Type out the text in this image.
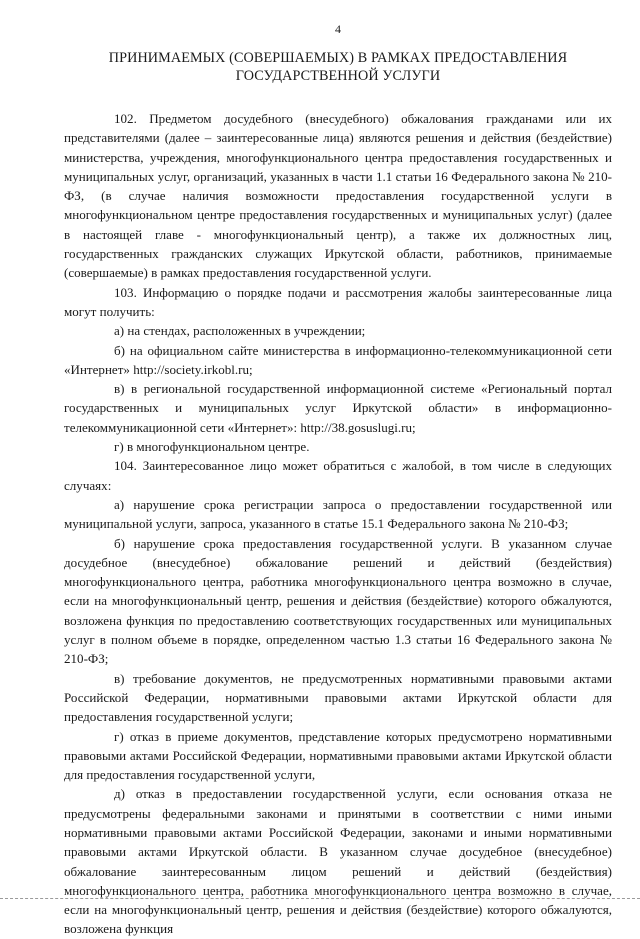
4
ПРИНИМАЕМЫХ (СОВЕРШАЕМЫХ) В РАМКАХ ПРЕДОСТАВЛЕНИЯ
ГОСУДАРСТВЕННОЙ УСЛУГИ

102. Предметом досудебного (внесудебного) обжалования гражданами или их представителями (далее – заинтересованные лица) являются решения и действия (бездействие) министерства, учреждения, многофункционального центра предоставления государственных и муниципальных услуг, организаций, указанных в части 1.1 статьи 16 Федерального закона № 210-ФЗ, (в случае наличия возможности предоставления государственной услуги в многофункциональном центре предоставления государственных и муниципальных услуг) (далее в настоящей главе - многофункциональный центр), а также их должностных лиц, государственных гражданских служащих Иркутской области, работников, принимаемые (совершаемые) в рамках предоставления государственной услуги.

103. Информацию о порядке подачи и рассмотрения жалобы заинтересованные лица могут получить:

а) на стендах, расположенных в учреждении;

б) на официальном сайте министерства в информационно-телекоммуникационной сети «Интернет» http://society.irkobl.ru;

в) в региональной государственной информационной системе «Региональный портал государственных и муниципальных услуг Иркутской области» в информационно-телекоммуникационной сети «Интернет»: http://38.gosuslugi.ru;

г) в многофункциональном центре.

104. Заинтересованное лицо может обратиться с жалобой, в том числе в следующих случаях:

а) нарушение срока регистрации запроса о предоставлении государственной или муниципальной услуги, запроса, указанного в статье 15.1 Федерального закона № 210-ФЗ;

б) нарушение срока предоставления государственной услуги. В указанном случае досудебное (внесудебное) обжалование решений и действий (бездействия) многофункционального центра, работника многофункционального центра возможно в случае, если на многофункциональный центр, решения и действия (бездействие) которого обжалуются, возложена функция по предоставлению соответствующих государственных или муниципальных услуг в полном объеме в порядке, определенном частью 1.3 статьи 16 Федерального закона № 210-ФЗ;

в) требование документов, не предусмотренных нормативными правовыми актами Российской Федерации, нормативными правовыми актами Иркутской области для предоставления государственной услуги;

г) отказ в приеме документов, представление которых предусмотрено нормативными правовыми актами Российской Федерации, нормативными правовыми актами Иркутской области для предоставления государственной услуги,

д) отказ в предоставлении государственной услуги, если основания отказа не предусмотрены федеральными законами и принятыми в соответствии с ними иными нормативными правовыми актами Российской Федерации, законами и иными нормативными правовыми актами Иркутской области. В указанном случае досудебное (внесудебное) обжалование заинтересованным лицом решений и действий (бездействия) многофункционального центра, работника многофункционального центра возможно в случае, если на многофункциональный центр, решения и действия (бездействие) которого обжалуются, возложена функция
